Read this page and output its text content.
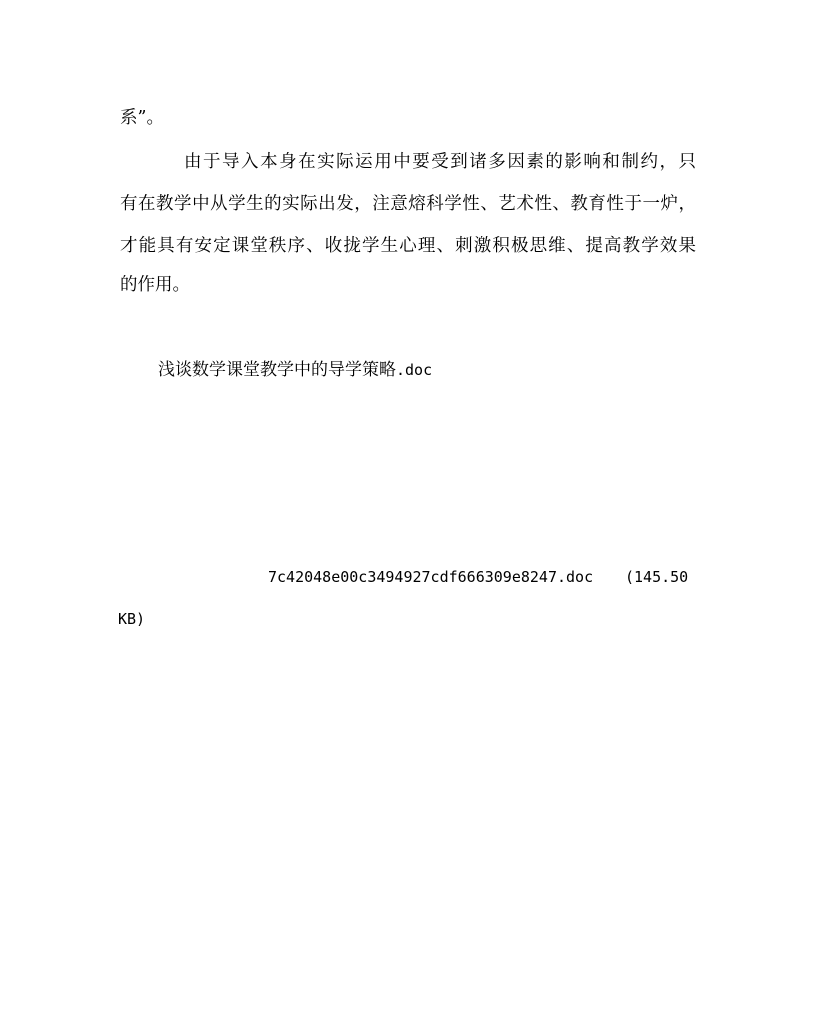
系”。
由于导入本身在实际运用中要受到诸多因素的影响和制约，只
有在教学中从学生的实际出发，注意熔科学性、艺术性、教育性于一炉，
才能具有安定课堂秩序、收拢学生心理、刺激积极思维、提高教学效果
的作用。
浅谈数学课堂教学中的导学策略.doc
7c42048e00c3494927cdf666309e8247.doc (145.50
KB)
